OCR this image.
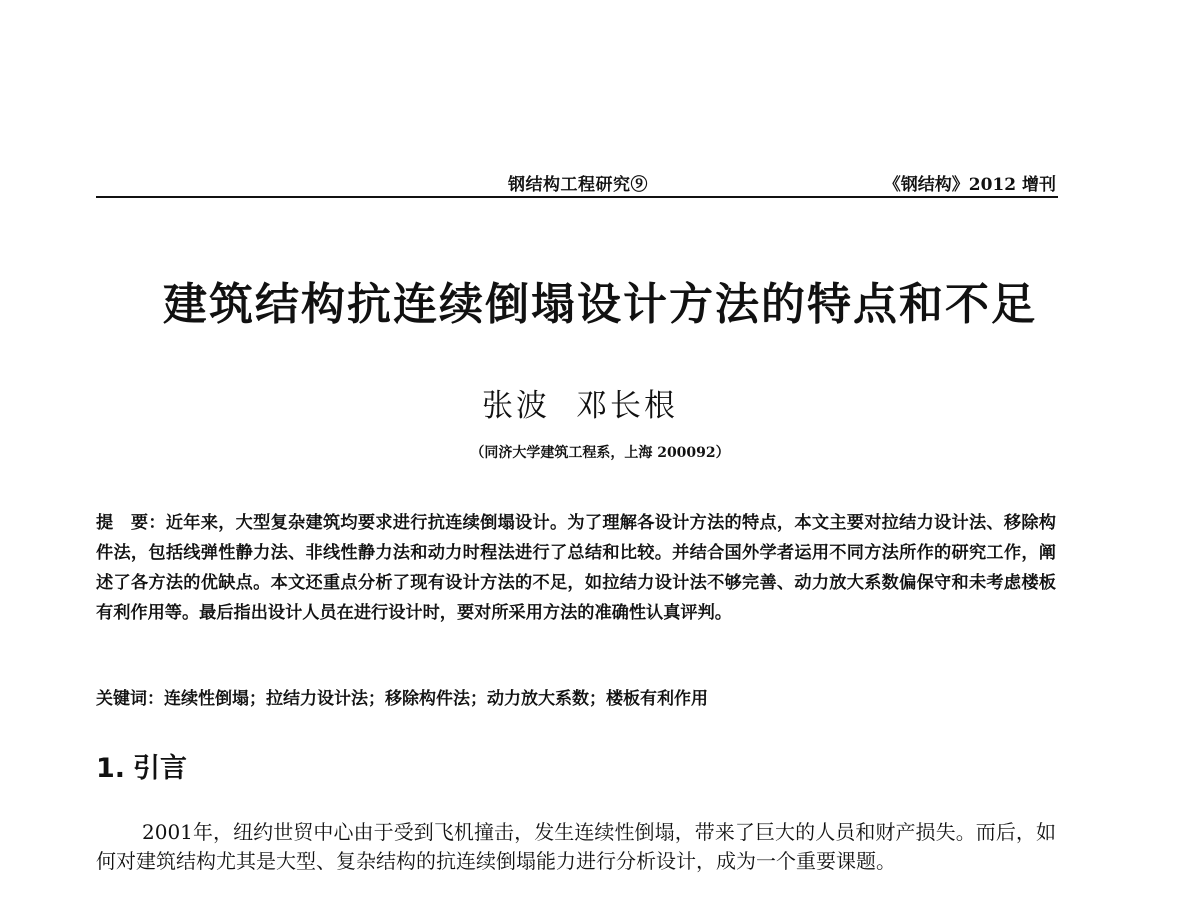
钢结构工程研究⑨	《钢结构》2012 增刊
建筑结构抗连续倒塌设计方法的特点和不足
张波 邓长根
（同济大学建筑工程系，上海 200092）
提　要：近年来，大型复杂建筑均要求进行抗连续倒塌设计。为了理解各设计方法的特点，本文主要对拉结力设计法、移除构件法，包括线弹性静力法、非线性静力法和动力时程法进行了总结和比较。并结合国外学者运用不同方法所作的研究工作，阐述了各方法的优缺点。本文还重点分析了现有设计方法的不足，如拉结力设计法不够完善、动力放大系数偏保守和未考虑楼板有利作用等。最后指出设计人员在进行设计时，要对所采用方法的准确性认真评判。
关键词：连续性倒塌；拉结力设计法；移除构件法；动力放大系数；楼板有利作用
1. 引言
2001年，纽约世贸中心由于受到飞机撞击，发生连续性倒塌，带来了巨大的人员和财产损失。而后，如何对建筑结构尤其是大型、复杂结构的抗连续倒塌能力进行分析设计，成为一个重要课题。
